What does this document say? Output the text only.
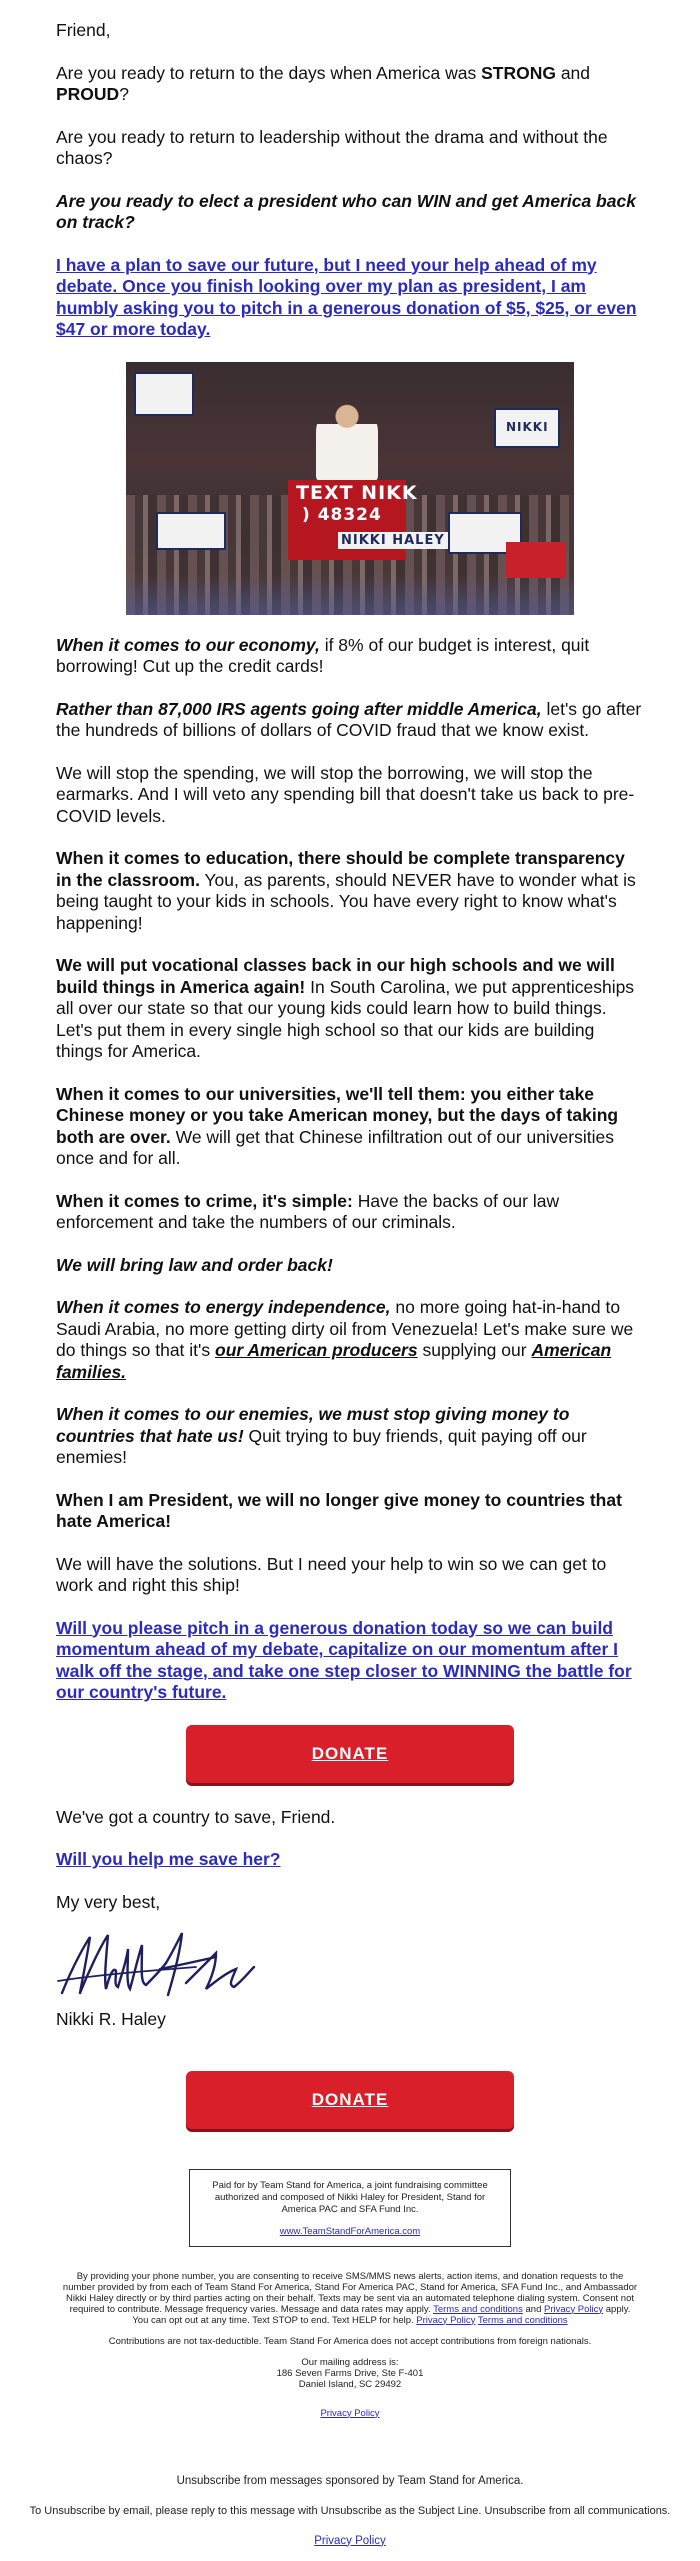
Friend,

Are you ready to return to the days when America was STRONG and PROUD?

Are you ready to return to leadership without the drama and without the chaos?

Are you ready to elect a president who can WIN and get America back on track?

I have a plan to save our future, but I need your help ahead of my debate. Once you finish looking over my plan as president, I am humbly asking you to pitch in a generous donation of $5, $25, or even $47 or more today.

TEXT NIKK
) 48324
NIKKI HALEY
NIKKI

When it comes to our economy, if 8% of our budget is interest, quit borrowing! Cut up the credit cards!

Rather than 87,000 IRS agents going after middle America, let's go after the hundreds of billions of dollars of COVID fraud that we know exist.

We will stop the spending, we will stop the borrowing, we will stop the earmarks. And I will veto any spending bill that doesn't take us back to pre-COVID levels.

When it comes to education, there should be complete transparency in the classroom. You, as parents, should NEVER have to wonder what is being taught to your kids in schools. You have every right to know what's happening!

We will put vocational classes back in our high schools and we will build things in America again! In South Carolina, we put apprenticeships all over our state so that our young kids could learn how to build things. Let's put them in every single high school so that our kids are building things for America.

When it comes to our universities, we'll tell them: you either take Chinese money or you take American money, but the days of taking both are over. We will get that Chinese infiltration out of our universities once and for all.

When it comes to crime, it's simple: Have the backs of our law enforcement and take the numbers of our criminals.

We will bring law and order back!

When it comes to energy independence, no more going hat-in-hand to Saudi Arabia, no more getting dirty oil from Venezuela! Let's make sure we do things so that it's our American producers supplying our American families.

When it comes to our enemies, we must stop giving money to countries that hate us! Quit trying to buy friends, quit paying off our enemies!

When I am President, we will no longer give money to countries that hate America!

We will have the solutions. But I need your help to win so we can get to work and right this ship!

Will you please pitch in a generous donation today so we can build momentum ahead of my debate, capitalize on our momentum after I walk off the stage, and take one step closer to WINNING the battle for our country's future.

DONATE

We've got a country to save, Friend.

Will you help me save her?

My very best,

Nikki R. Haley

DONATE
Paid for by Team Stand for America, a joint fundraising committee authorized and composed of Nikki Haley for President, Stand for America PAC and SFA Fund Inc.
www.TeamStandForAmerica.com
By providing your phone number, you are consenting to receive SMS/MMS news alerts, action items, and donation requests to the number provided by from each of Team Stand For America, Stand For America PAC, Stand for America, SFA Fund Inc., and Ambassador Nikki Haley directly or by third parties acting on their behalf. Texts may be sent via an automated telephone dialing system. Consent not required to contribute. Message frequency varies. Message and data rates may apply. Terms and conditions and Privacy Policy apply. You can opt out at any time. Text STOP to end. Text HELP for help. Privacy Policy Terms and conditions
Contributions are not tax-deductible. Team Stand For America does not accept contributions from foreign nationals.
Our mailing address is:
186 Seven Farms Drive, Ste F-401
Daniel Island, SC 29492
Privacy Policy
Unsubscribe from messages sponsored by Team Stand for America.
To Unsubscribe by email, please reply to this message with Unsubscribe as the Subject Line. Unsubscribe from all communications.
Privacy Policy
